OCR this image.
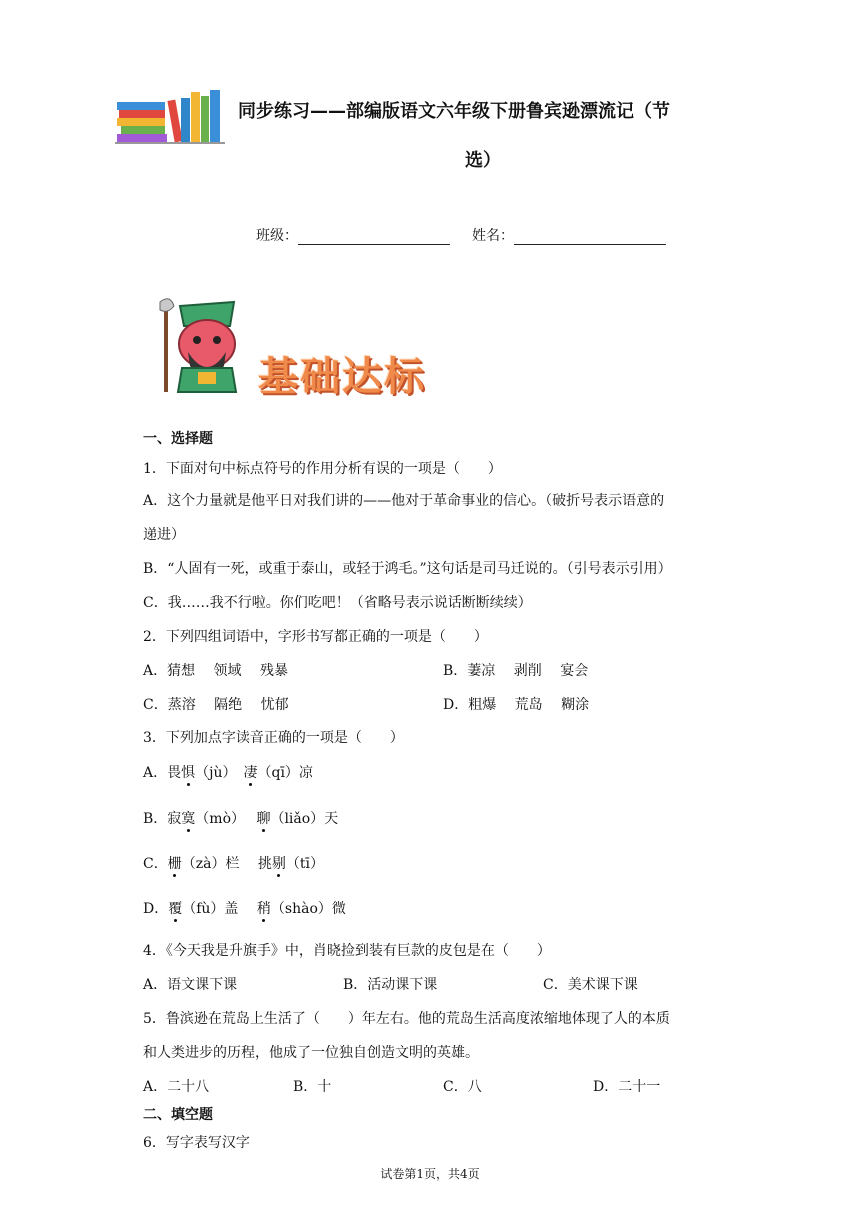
同步练习——部编版语文六年级下册鲁宾逊漂流记（节
选）
班级：	姓名：
基础达标
一、选择题
1．下面对句中标点符号的作用分析有误的一项是（　　）
A．这个力量就是他平日对我们讲的——他对于革命事业的信心。（破折号表示语意的
递进）
B．“人固有一死，或重于泰山，或轻于鸿毛。”这句话是司马迁说的。（引号表示引用）
C．我……我不行啦。你们吃吧！（省略号表示说话断断续续）
2．下列四组词语中，字形书写都正确的一项是（　　）
A．猜想　 领域　 残暴	B．萋凉　 剥削　 宴会
C．蒸溶　 隔绝　 忧郁	D．粗爆　 荒岛　 糊涂
3．下列加点字读音正确的一项是（　　）
A．畏惧（jù）　凄（qī）凉
B．寂寞（mò）　 聊（liǎo）天
C．栅（zà）栏　 挑剔（tī）
D．覆（fù）盖　 稍（shào）微
4．《今天我是升旗手》中，肖晓捡到装有巨款的皮包是在（　　）
A．语文课下课	B．活动课下课	C．美术课下课
5．鲁滨逊在荒岛上生活了（　　）年左右。他的荒岛生活高度浓缩地体现了人的本质
和人类进步的历程，他成了一位独自创造文明的英雄。
A．二十八	B．十	C．八	D．二十一
二、填空题
6．写字表写汉字
试卷第1页，共4页
